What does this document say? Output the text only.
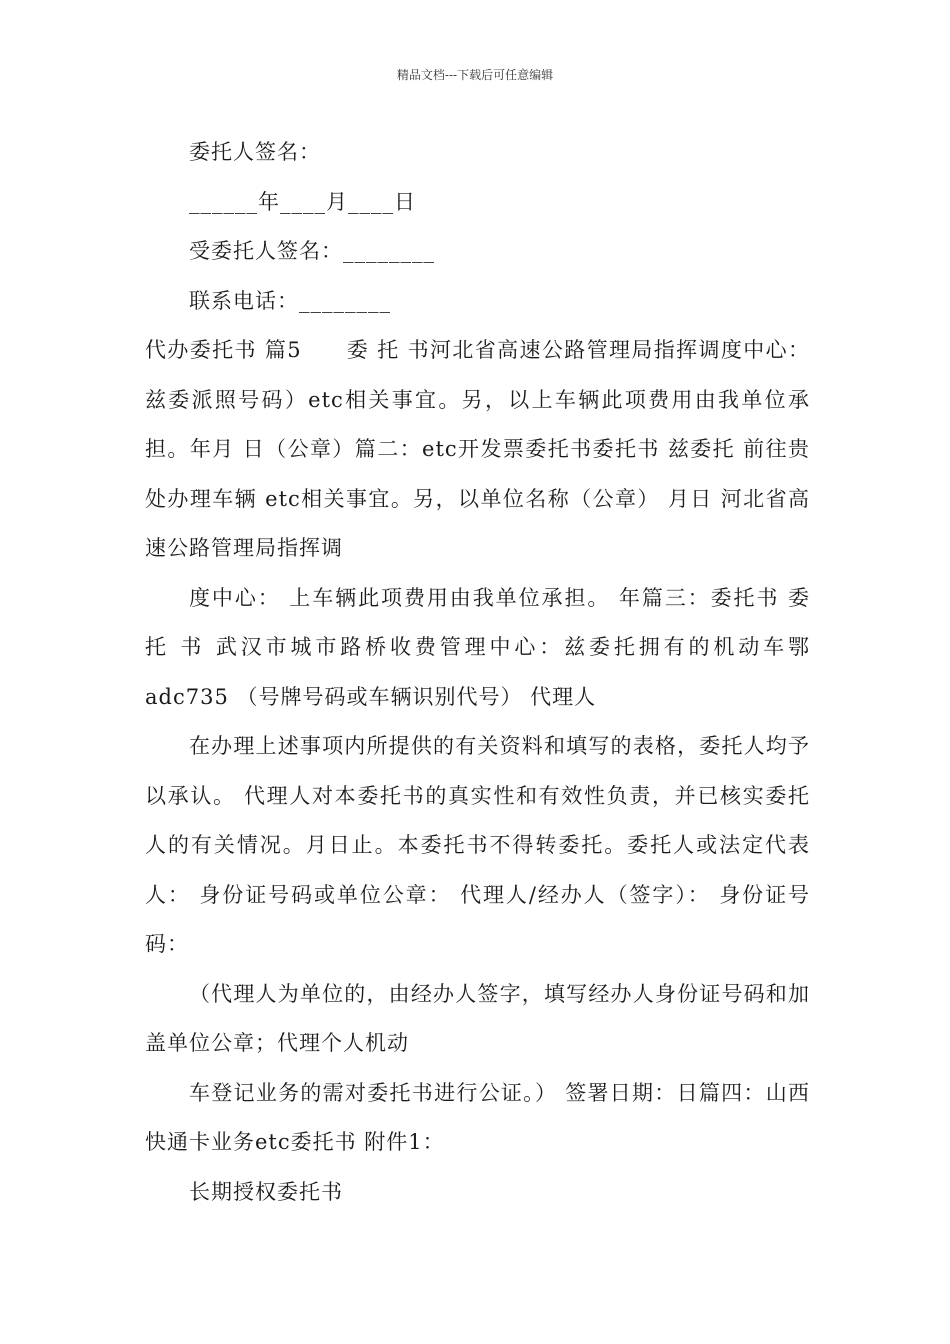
精品文档---下载后可任意编辑

委托人签名：

______年____月____日

受委托人签名：________

联系电话：________

代办委托书 篇5　　委 托 书河北省高速公路管理局指挥调度中心：兹委派照号码）etc相关事宜。另，以上车辆此项费用由我单位承担。年月 日（公章）篇二：etc开发票委托书委托书 兹委托 前往贵处办理车辆 etc相关事宜。另，以单位名称（公章） 月日 河北省高速公路管理局指挥调

度中心： 上车辆此项费用由我单位承担。 年篇三：委托书 委 托 书 武汉市城市路桥收费管理中心：兹委托拥有的机动车鄂adc735 （号牌号码或车辆识别代号） 代理人

在办理上述事项内所提供的有关资料和填写的表格，委托人均予以承认。 代理人对本委托书的真实性和有效性负责，并已核实委托人的有关情况。月日止。本委托书不得转委托。委托人或法定代表人： 身份证号码或单位公章： 代理人/经办人（签字）： 身份证号码：

（代理人为单位的，由经办人签字，填写经办人身份证号码和加盖单位公章；代理个人机动

车登记业务的需对委托书进行公证。） 签署日期：日篇四：山西快通卡业务etc委托书 附件1：

长期授权委托书
